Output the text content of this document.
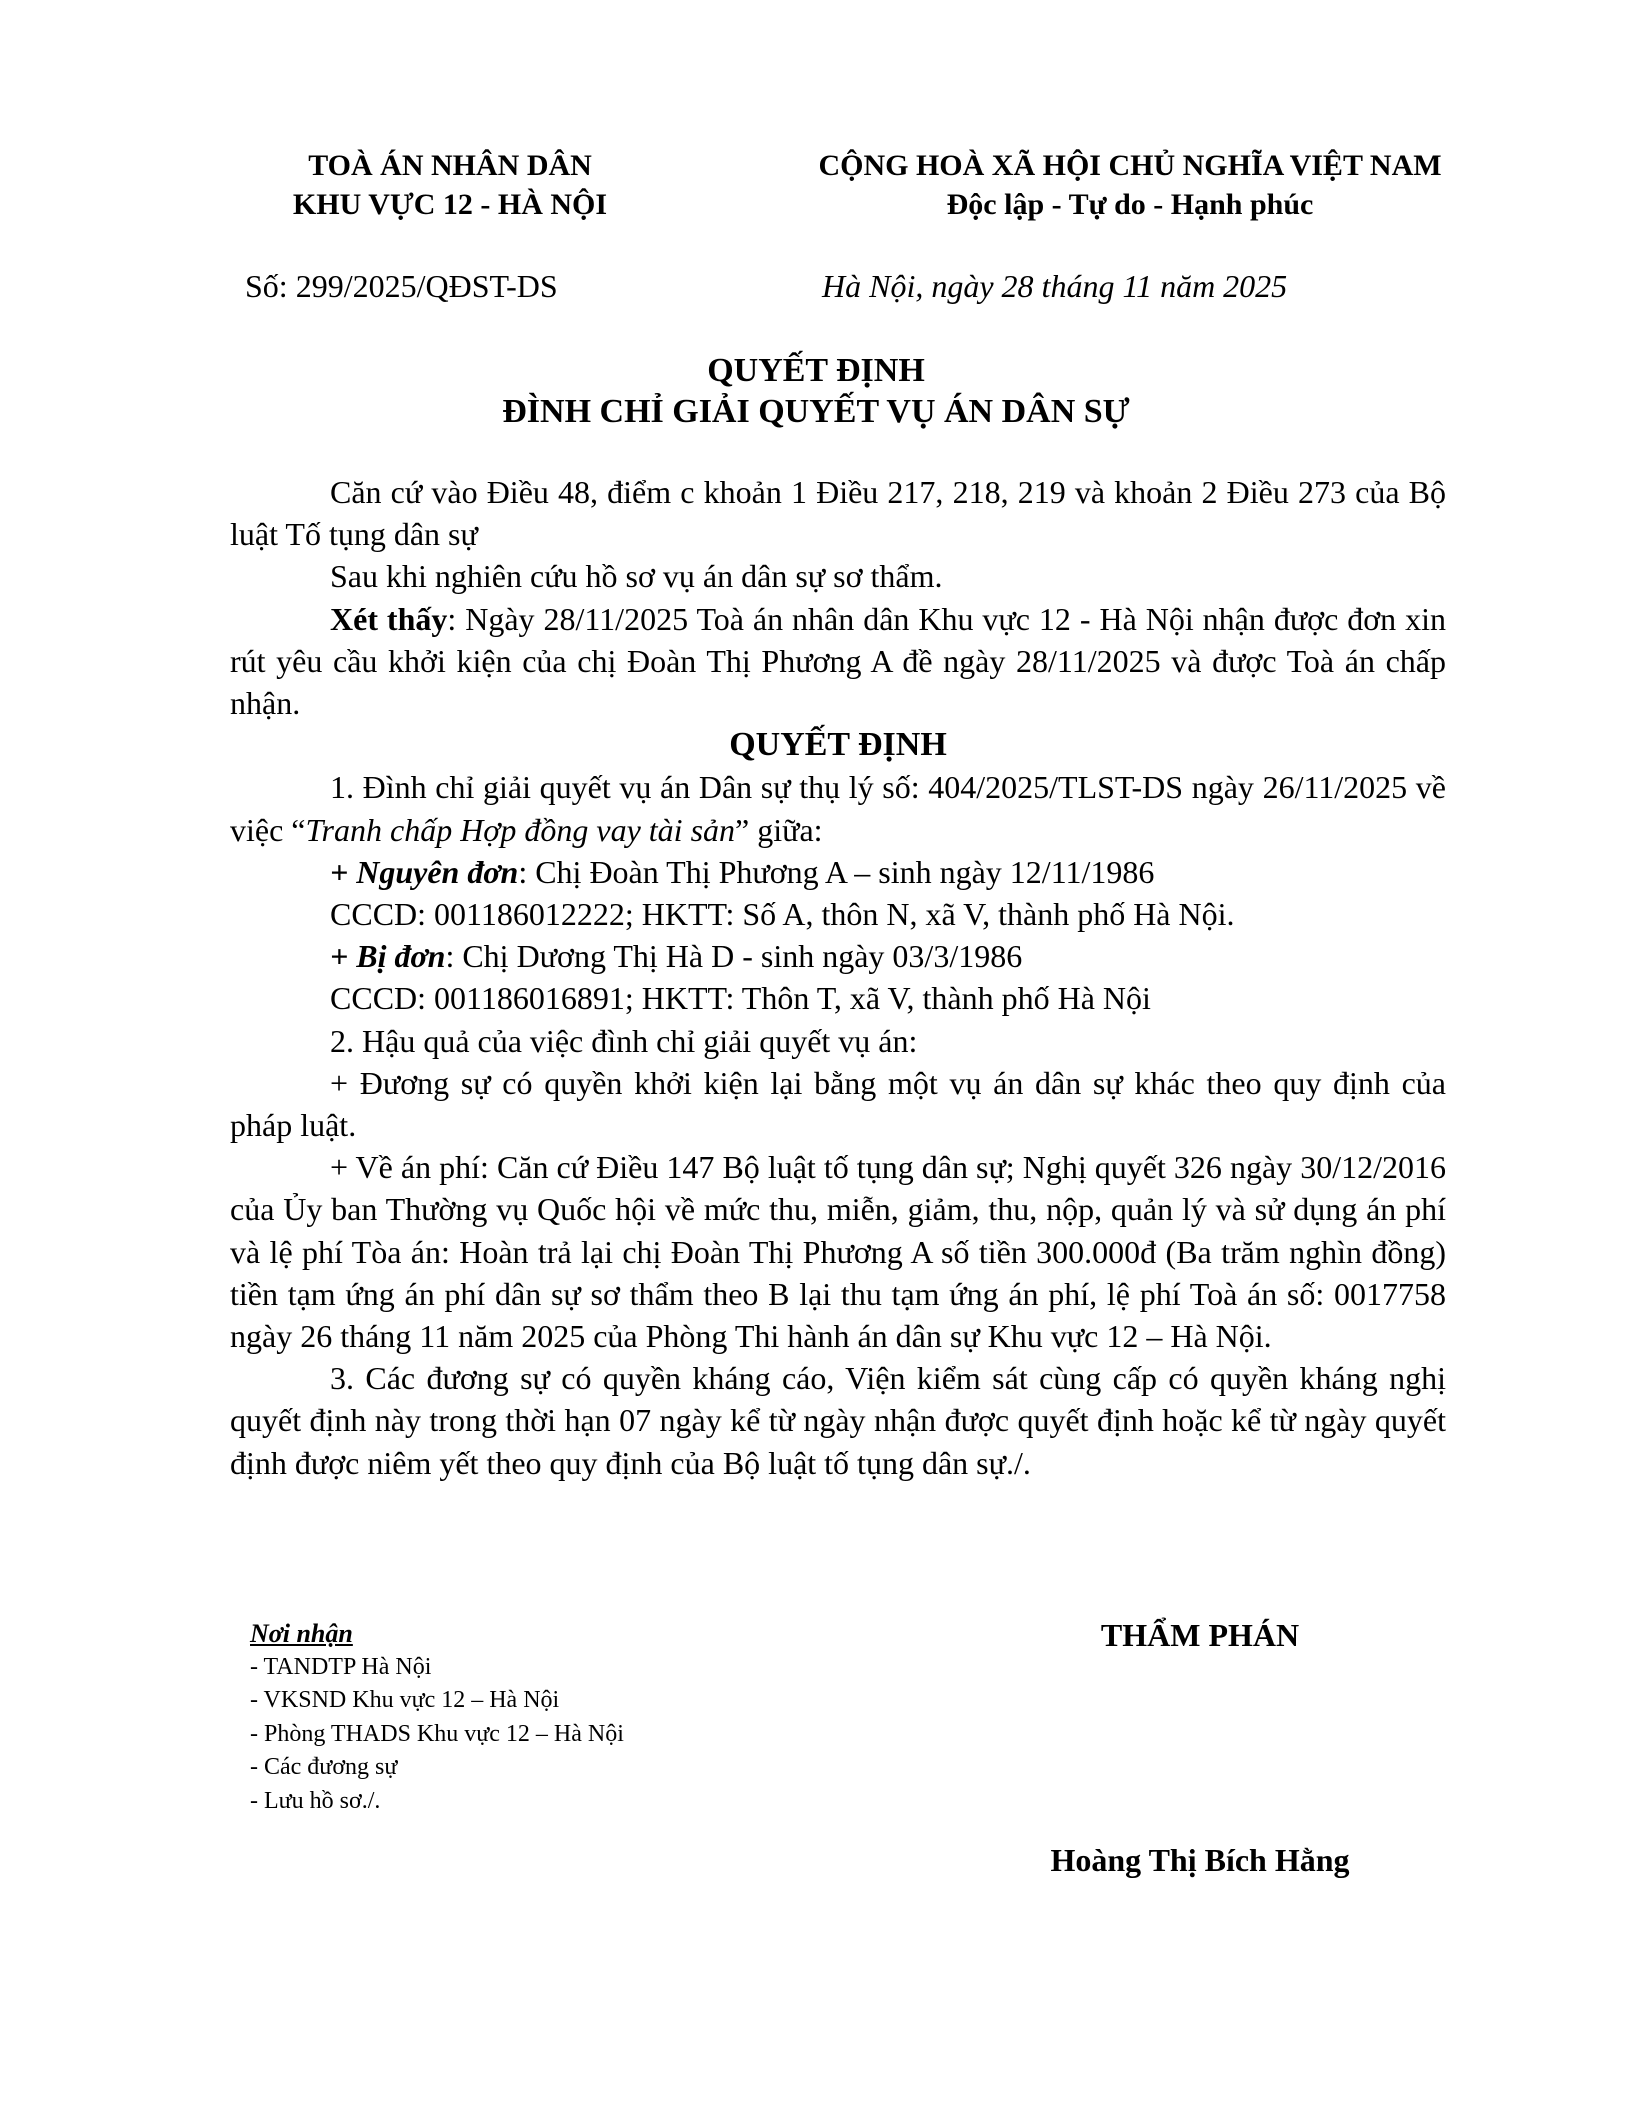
TOÀ ÁN NHÂN DÂN
KHU VỰC 12 - HÀ NỘI
CỘNG HOÀ XÃ HỘI CHỦ NGHĨA VIỆT NAM
Độc lập - Tự do - Hạnh phúc
Số: 299/2025/QĐST-DS	Hà Nội, ngày 28 tháng 11 năm 2025
QUYẾT ĐỊNH
ĐÌNH CHỈ GIẢI QUYẾT VỤ ÁN DÂN SỰ

Căn cứ vào Điều 48, điểm c khoản 1 Điều 217, 218, 219 và khoản 2 Điều 273 của Bộ luật Tố tụng dân sự

Sau khi nghiên cứu hồ sơ vụ án dân sự sơ thẩm.

Xét thấy: Ngày 28/11/2025 Toà án nhân dân Khu vực 12 - Hà Nội nhận được đơn xin rút yêu cầu khởi kiện của chị Đoàn Thị Phương A đề ngày 28/11/2025 và được Toà án chấp nhận.

QUYẾT ĐỊNH

1. Đình chỉ giải quyết vụ án Dân sự thụ lý số: 404/2025/TLST-DS ngày 26/11/2025 về việc “Tranh chấp Hợp đồng vay tài sản” giữa:

+ Nguyên đơn: Chị Đoàn Thị Phương A – sinh ngày 12/11/1986

CCCD: 001186012222; HKTT: Số A, thôn N, xã V, thành phố Hà Nội.

+ Bị đơn: Chị Dương Thị Hà D - sinh ngày 03/3/1986

CCCD: 001186016891; HKTT: Thôn T, xã V, thành phố Hà Nội

2. Hậu quả của việc đình chỉ giải quyết vụ án:

+ Đương sự có quyền khởi kiện lại bằng một vụ án dân sự khác theo quy định của pháp luật.

+ Về án phí: Căn cứ Điều 147 Bộ luật tố tụng dân sự; Nghị quyết 326 ngày 30/12/2016 của Ủy ban Thường vụ Quốc hội về mức thu, miễn, giảm, thu, nộp, quản lý và sử dụng án phí và lệ phí Tòa án: Hoàn trả lại chị Đoàn Thị Phương A số tiền 300.000đ (Ba trăm nghìn đồng) tiền tạm ứng án phí dân sự sơ thẩm theo B lại thu tạm ứng án phí, lệ phí Toà án số: 0017758 ngày 26 tháng 11 năm 2025 của Phòng Thi hành án dân sự Khu vực 12 – Hà Nội.

3. Các đương sự có quyền kháng cáo, Viện kiểm sát cùng cấp có quyền kháng nghị quyết định này trong thời hạn 07 ngày kể từ ngày nhận được quyết định hoặc kể từ ngày quyết định được niêm yết theo quy định của Bộ luật tố tụng dân sự./.

Nơi nhận

- TANDTP Hà Nội

- VKSND Khu vực 12 – Hà Nội

- Phòng THADS Khu vực 12 – Hà Nội

- Các đương sự

- Lưu hồ sơ./.

THẨM PHÁN
Hoàng Thị Bích Hằng
